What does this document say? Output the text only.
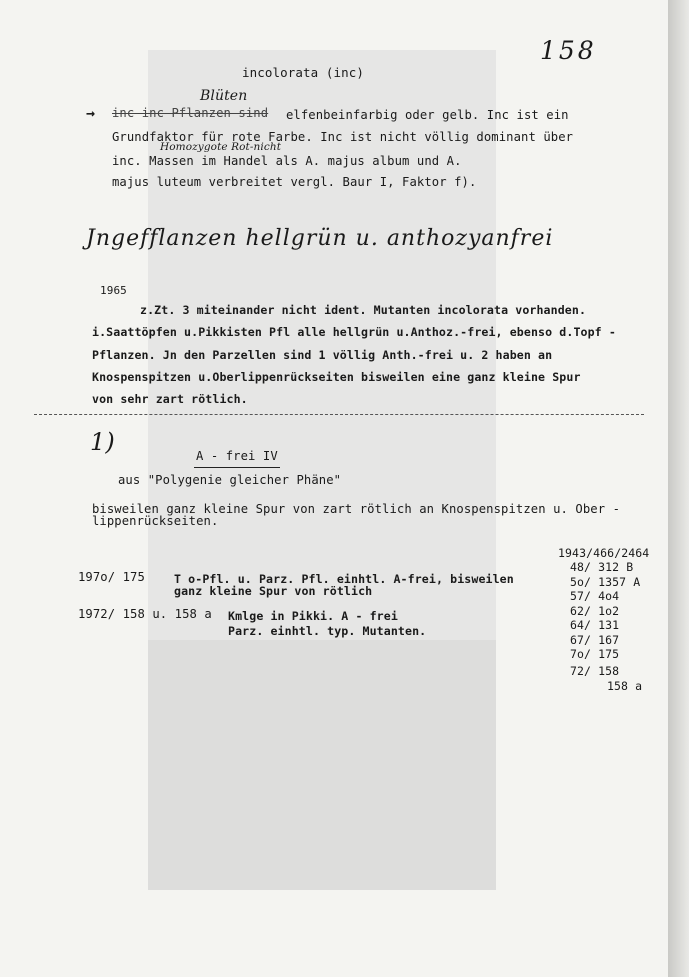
158
incolorata (inc)
→ inc-inc-Pflanzen sind
Blüten
elfenbeinfarbig oder gelb. Inc ist ein
Grundfaktor für rote Farbe. Inc ist nicht völlig dominant über
Homozygote Rot-nicht
inc. Massen im Handel als A. majus album und A.
majus luteum verbreitet vergl. Baur I, Faktor f).
Jngefflanzen hellgrün u. anthozyanfrei
1965
z.Zt. 3 miteinander nicht ident. Mutanten incolorata vorhanden.
i.Saattöpfen u.Pikkisten Pfl alle hellgrün u.Anthoz.-frei, ebenso d.Topf -
Pflanzen. Jn den Parzellen sind 1 völlig Anth.-frei u. 2 haben an
Knospenspitzen u.Oberlippenrückseiten bisweilen eine ganz kleine Spur
von sehr zart rötlich.
1)	A - frei IV
aus "Polygenie gleicher Phäne"
bisweilen ganz kleine Spur von zart rötlich an Knospenspitzen u. Ober -
lippenrückseiten.
197o/ 175	T o-Pfl. u. Parz. Pfl. einhtl. A-frei, bisweilen
ganz kleine Spur von rötlich
1972/ 158 u. 158 a Kmlge in Pikki. A - frei
Parz. einhtl. typ. Mutanten.
1943/466/2464
48/ 312 B
5o/ 1357 A
57/ 4o4
62/ 1o2
64/ 131
67/ 167
7o/ 175
72/ 158
158 a
